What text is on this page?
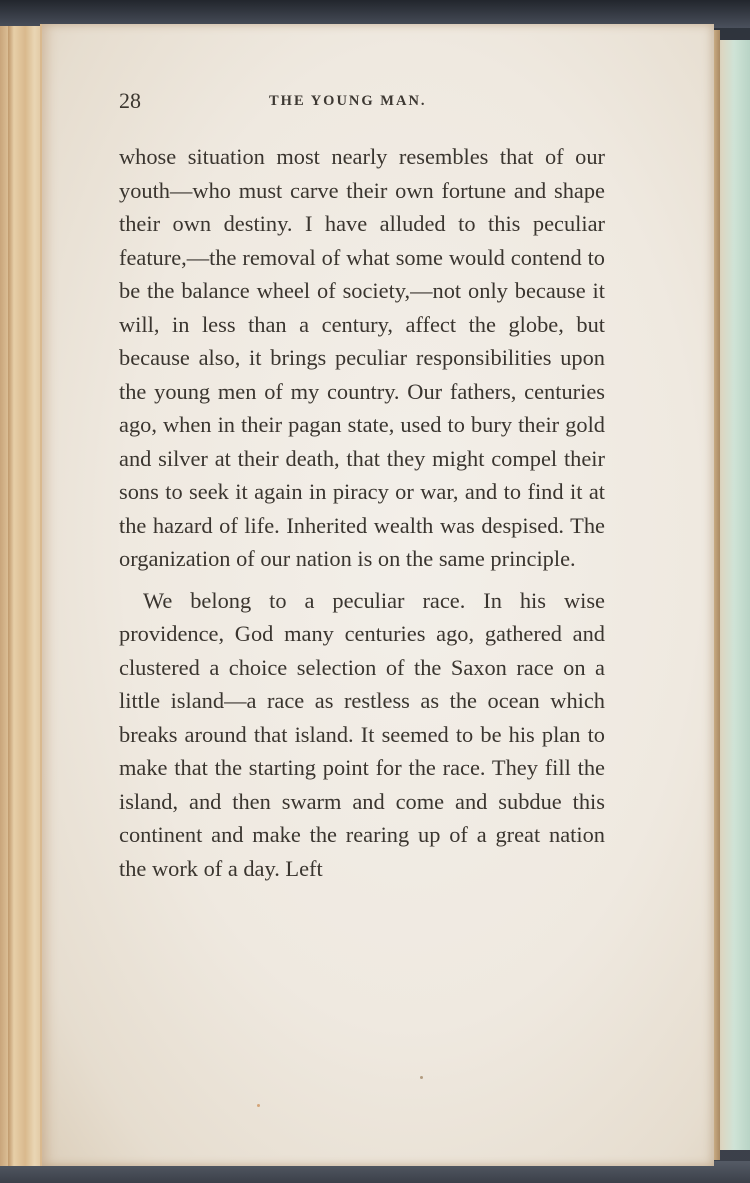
28	THE YOUNG MAN.

whose situation most nearly resembles that of our youth—who must carve their own fortune and shape their own destiny. I have alluded to this peculiar feature,—the removal of what some would contend to be the balance wheel of society,—not only because it will, in less than a century, affect the globe, but because also, it brings peculiar responsibilities upon the young men of my country. Our fathers, centuries ago, when in their pagan state, used to bury their gold and silver at their death, that they might compel their sons to seek it again in piracy or war, and to find it at the hazard of life. Inherited wealth was despised. The organization of our nation is on the same principle.

We belong to a peculiar race. In his wise providence, God many centuries ago, gathered and clustered a choice selection of the Saxon race on a little island—a race as restless as the ocean which breaks around that island. It seemed to be his plan to make that the starting point for the race. They fill the island, and then swarm and come and subdue this continent and make the rearing up of a great nation the work of a day. Left
